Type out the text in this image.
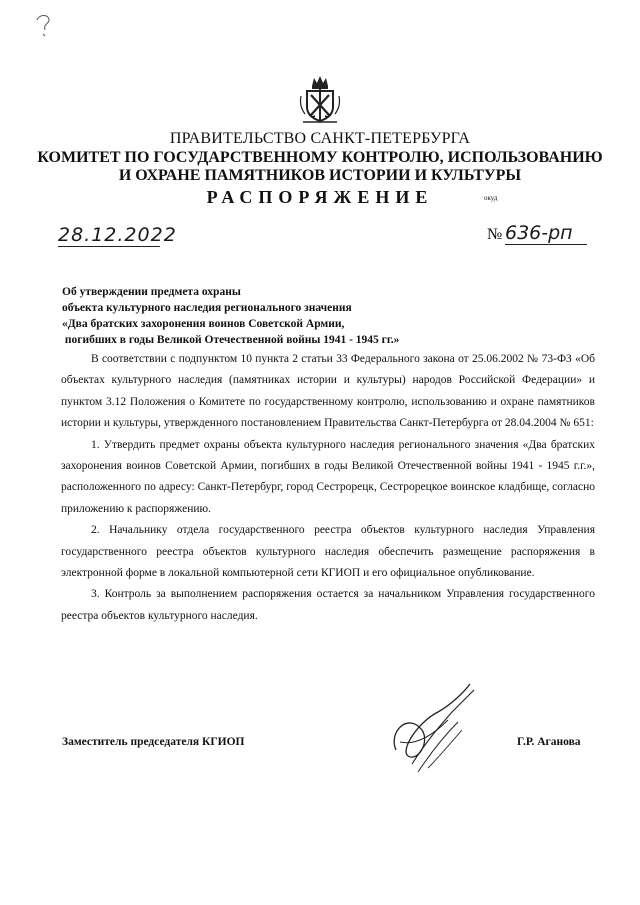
ПРАВИТЕЛЬСТВО САНКТ-ПЕТЕРБУРГА
КОМИТЕТ ПО ГОСУДАРСТВЕННОМУ КОНТРОЛЮ, ИСПОЛЬЗОВАНИЮ
И ОХРАНЕ ПАМЯТНИКОВ ИСТОРИИ И КУЛЬТУРЫ
РАСПОРЯЖЕНИЕ	окуд
28.12.2022	№ 636-рп
Об утверждении предмета охраны
объекта культурного наследия регионального значения
«Два братских захоронения воинов Советской Армии,
погибших в годы Великой Отечественной войны 1941 - 1945 гг.»

В соответствии с подпунктом 10 пункта 2 статьи 33 Федерального закона от 25.06.2002 № 73-ФЗ «Об объектах культурного наследия (памятниках истории и культуры) народов Российской Федерации» и пунктом 3.12 Положения о Комитете по государственному контролю, использованию и охране памятников истории и культуры, утвержденного постановлением Правительства Санкт-Петербурга от 28.04.2004 № 651:

1. Утвердить предмет охраны объекта культурного наследия регионального значения «Два братских захоронения воинов Советской Армии, погибших в годы Великой Отечественной войны 1941 - 1945 г.г.», расположенного по адресу: Санкт-Петербург, город Сестрорецк, Сестрорецкое воинское кладбище, согласно приложению к распоряжению.

2. Начальнику отдела государственного реестра объектов культурного наследия Управления государственного реестра объектов культурного наследия обеспечить размещение распоряжения в электронной форме в локальной компьютерной сети КГИОП и его официальное опубликование.

3. Контроль за выполнением распоряжения остается за начальником Управления государственного реестра объектов культурного наследия.

Заместитель председателя КГИОП	Г.Р. Аганова
